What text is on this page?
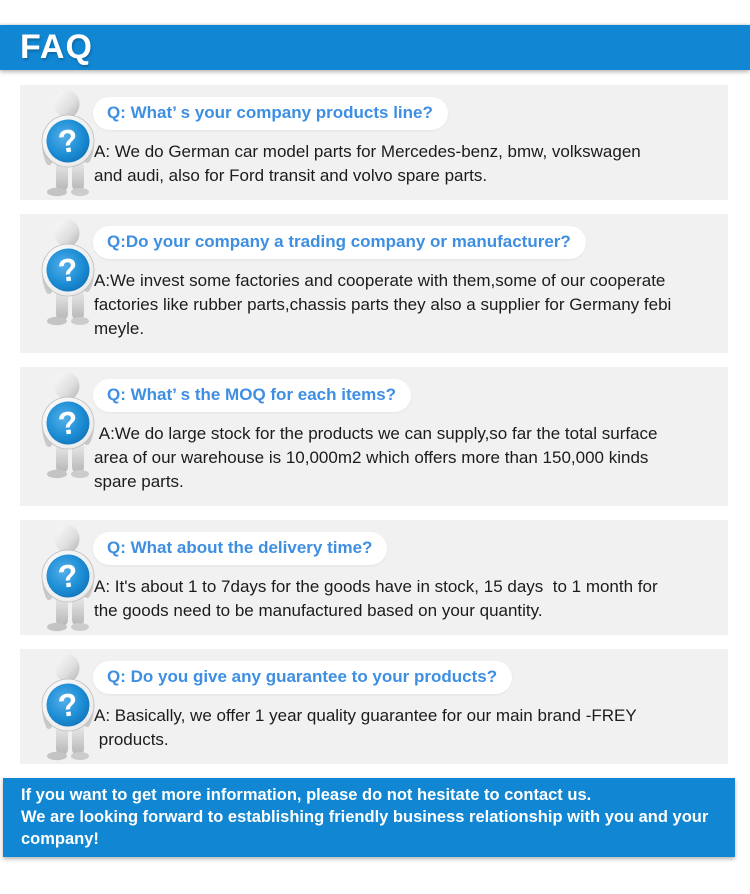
FAQ
Q: What’ s your company products line?
A: We do German car model parts for Mercedes-benz, bmw, volkswagen
and audi, also for Ford transit and volvo spare parts.
Q:Do your company a trading company or manufacturer?
A:We invest some factories and cooperate with them,some of our cooperate
factories like rubber parts,chassis parts they also a supplier for Germany febi
meyle.
Q: What’ s the MOQ for each items?
A:We do large stock for the products we can supply,so far the total surface
area of our warehouse is 10,000m2 which offers more than 150,000 kinds
spare parts.
Q: What about the delivery time?
A: It's about 1 to 7days for the goods have in stock, 15 days  to 1 month for
the goods need to be manufactured based on your quantity.
Q: Do you give any guarantee to your products?
A: Basically, we offer 1 year quality guarantee for our main brand -FREY
products.
If you want to get more information, please do not hesitate to contact us.
We are looking forward to establishing friendly business relationship with you and your
company!
